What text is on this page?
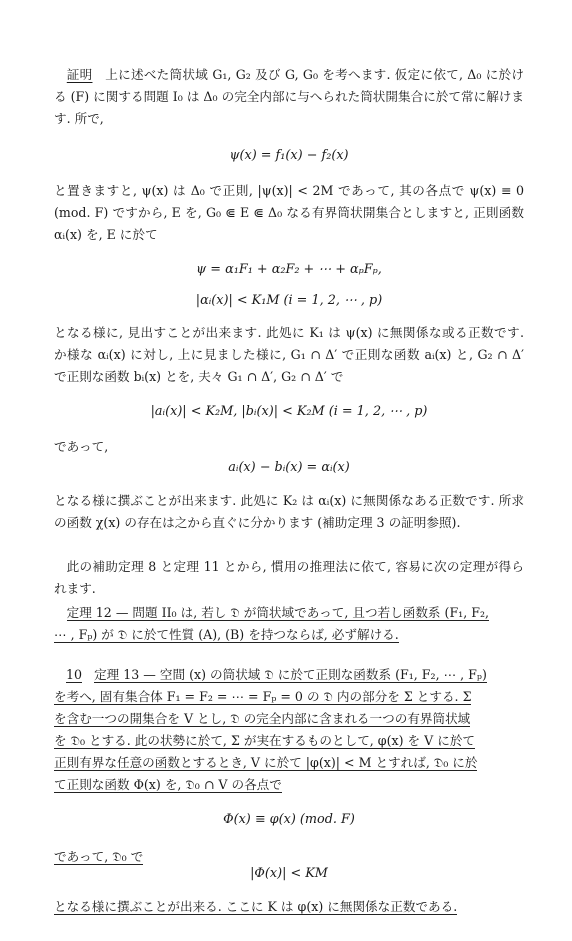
証明 上に述べた筒状域 G₁, G₂ 及び G, G₀ を考へます. 仮定に依て, Δ₀ に於ける (F) に関する問題 I₀ は Δ₀ の完全内部に与へられた筒状開集合に於て常に解けます. 所で,
ψ(x) = f₁(x) − f₂(x)
と置きますと, ψ(x) は Δ₀ で正則, |ψ(x)| < 2M であって, 其の各点で ψ(x) ≡ 0 (mod. F) ですから, E を, G₀ ⋐ E ⋐ Δ₀ なる有界筒状開集合としますと, 正則函数 αᵢ(x) を, E に於て
ψ = α₁F₁ + α₂F₂ + ⋯ + αₚFₚ,
|αᵢ(x)| < K₁M (i = 1, 2, ⋯ , p)
となる様に, 見出すことが出来ます. 此処に K₁ は ψ(x) に無関係な或る正数です. か様な αᵢ(x) に対し, 上に見ました様に, G₁ ∩ Δ′ で正則な函数 aᵢ(x) と, G₂ ∩ Δ′ で正則な函数 bᵢ(x) とを, 夫々 G₁ ∩ Δ′, G₂ ∩ Δ′ で
|aᵢ(x)| < K₂M, |bᵢ(x)| < K₂M (i = 1, 2, ⋯ , p)
であって,
aᵢ(x) − bᵢ(x) = αᵢ(x)
となる様に撰ぶことが出来ます. 此処に K₂ は αᵢ(x) に無関係なある正数です. 所求の函数 χ(x) の存在は之から直ぐに分かります (補助定理 3 の証明参照).
此の補助定理 8 と定理 11 とから, 慣用の推理法に依て, 容易に次の定理が得られます.
定理 12 — 問題 II₀ は, 若し 𝔇 が筒状域であって, 且つ若し函数系 (F₁, F₂,
⋯ , Fₚ) が 𝔇 に於て性質 (A), (B) を持つならば, 必ず解ける.
10 定理 13 — 空間 (x) の筒状域 𝔇 に於て正則な函数系 (F₁, F₂, ⋯ , Fₚ)
を考へ, 固有集合体 F₁ = F₂ = ⋯ = Fₚ = 0 の 𝔇 内の部分を Σ とする. Σ
を含む一つの開集合を V とし, 𝔇 の完全内部に含まれる一つの有界筒状域
を 𝔇₀ とする. 此の状勢に於て, Σ が実在するものとして, φ(x) を V に於て
正則有界な任意の函数とするとき, V に於て |φ(x)| < M とすれば, 𝔇₀ に於
て正則な函数 Φ(x) を, 𝔇₀ ∩ V の各点で
Φ(x) ≡ φ(x) (mod. F)
であって, 𝔇₀ で
|Φ(x)| < KM
となる様に撰ぶことが出来る. ここに K は φ(x) に無関係な正数である.
